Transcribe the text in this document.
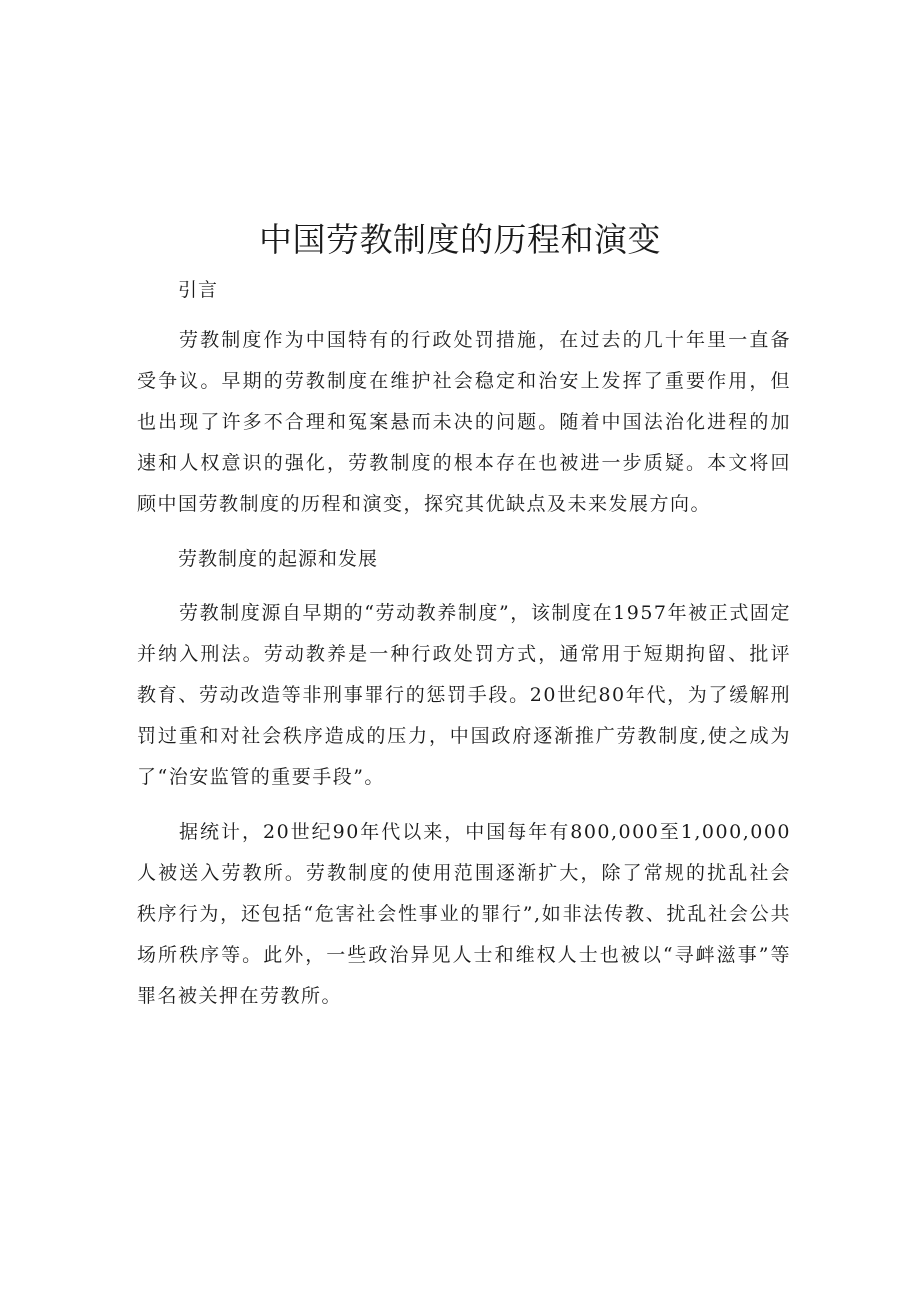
中国劳教制度的历程和演变

引言

劳教制度作为中国特有的行政处罚措施，在过去的几十年里一直备受争议。早期的劳教制度在维护社会稳定和治安上发挥了重要作用，但也出现了许多不合理和冤案悬而未决的问题。随着中国法治化进程的加速和人权意识的强化，劳教制度的根本存在也被进一步质疑。本文将回顾中国劳教制度的历程和演变，探究其优缺点及未来发展方向。

劳教制度的起源和发展

劳教制度源自早期的“劳动教养制度”，该制度在1957年被正式固定并纳入刑法。劳动教养是一种行政处罚方式，通常用于短期拘留、批评教育、劳动改造等非刑事罪行的惩罚手段。20世纪80年代，为了缓解刑罚过重和对社会秩序造成的压力，中国政府逐渐推广劳教制度,使之成为了“治安监管的重要手段”。

据统计，20世纪90年代以来，中国每年有800,000至1,000,000人被送入劳教所。劳教制度的使用范围逐渐扩大，除了常规的扰乱社会秩序行为，还包括“危害社会性事业的罪行”,如非法传教、扰乱社会公共场所秩序等。此外，一些政治异见人士和维权人士也被以“寻衅滋事”等罪名被关押在劳教所。
